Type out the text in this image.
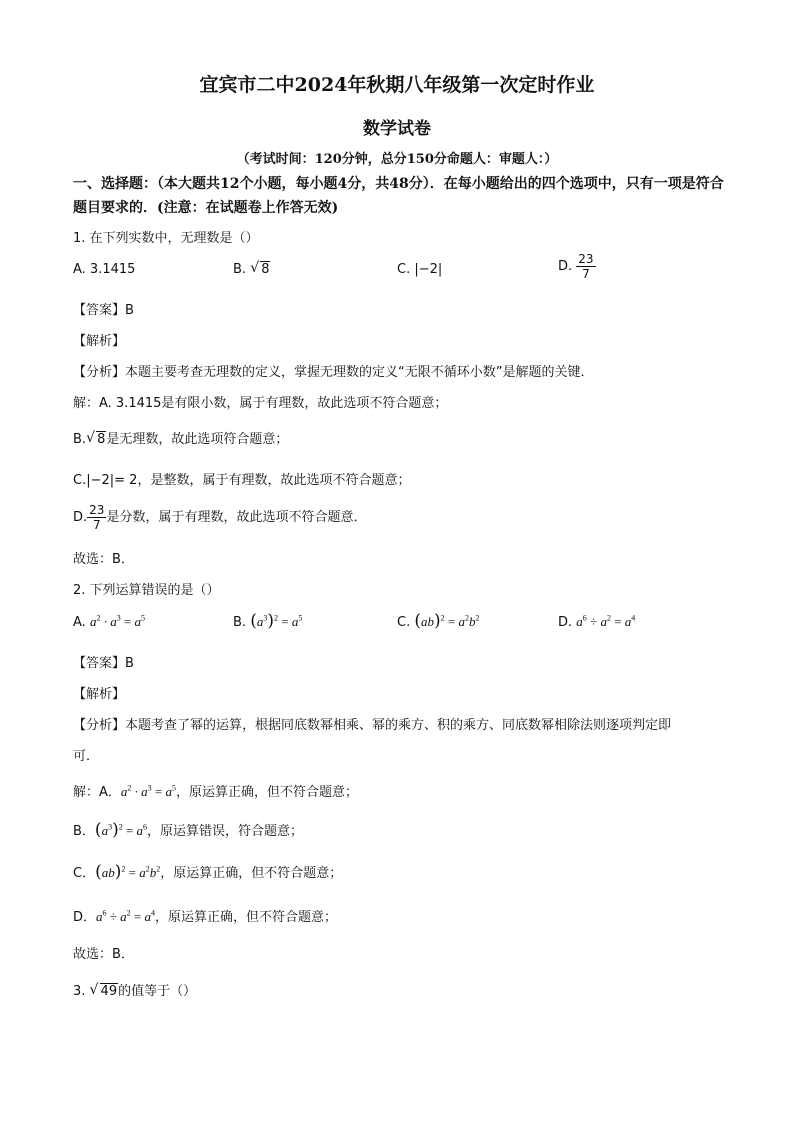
宜宾市二中2024年秋期八年级第一次定时作业
数学试卷
（考试时间：120分钟，总分150分命题人：审题人：）
一、选择题：（本大题共12个小题，每小题4分，共48分）．在每小题给出的四个选项中，只有一项是符合题目要求的．(注意：在试题卷上作答无效)
1. 在下列实数中，无理数是（）
A. 3.1415	B. √ 8	C. |−2|	D. $\frac{23}{7}$
【答案】B
【解析】
【分析】本题主要考查无理数的定义，掌握无理数的定义“无限不循环小数”是解题的关键．
解：A. 3.1415是有限小数，属于有理数，故此选项不符合题意；
B. √ 8是无理数，故此选项符合题意；
C.|−2|= 2，是整数，属于有理数，故此选项不符合题意；
D. $\frac{23}{7}$ 是分数，属于有理数，故此选项不符合题意．
故选：B．
2. 下列运算错误的是（）
A. $a^2 \cdot a^3 = a^5$	B. $(a^3)^2 = a^5$	C. $(ab)^2 = a^2b^2$	D. $a^6 \div a^2 = a^4$
【答案】B
【解析】
【分析】本题考查了幂的运算，根据同底数幂相乘、幂的乘方、积的乘方、同底数幂相除法则逐项判定即
可．
解：A．$a^2 \cdot a^3 = a^5$，原运算正确，但不符合题意；
B．$(a^3)^2 = a^6$，原运算错误，符合题意；
C．$(ab)^2 = a^2b^2$，原运算正确，但不符合题意；
D．$a^6 \div a^2 = a^4$，原运算正确，但不符合题意；
故选：B．
3. √ 49的值等于（）
